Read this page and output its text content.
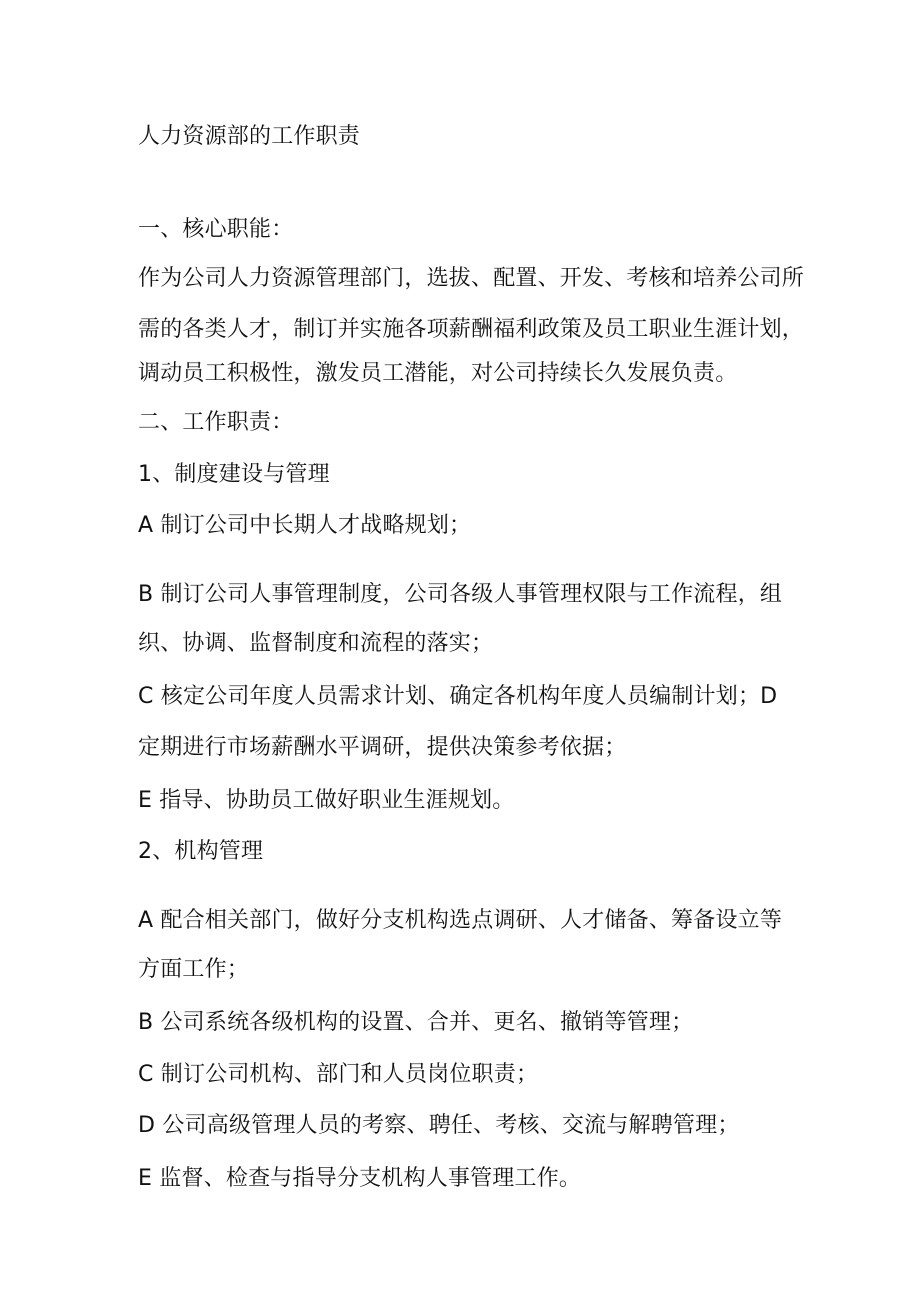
人力资源部的工作职责
一、核心职能：
作为公司人力资源管理部门，选拔、配置、开发、考核和培养公司所
需的各类人才，制订并实施各项薪酬福利政策及员工职业生涯计划，
调动员工积极性，激发员工潜能，对公司持续长久发展负责。
二、工作职责：
1、制度建设与管理
A 制订公司中长期人才战略规划；
B 制订公司人事管理制度，公司各级人事管理权限与工作流程，组
织、协调、监督制度和流程的落实；
C 核定公司年度人员需求计划、确定各机构年度人员编制计划；D
定期进行市场薪酬水平调研，提供决策参考依据；
E 指导、协助员工做好职业生涯规划。
2、机构管理
A 配合相关部门，做好分支机构选点调研、人才储备、筹备设立等
方面工作；
B 公司系统各级机构的设置、合并、更名、撤销等管理；
C 制订公司机构、部门和人员岗位职责；
D 公司高级管理人员的考察、聘任、考核、交流与解聘管理；
E 监督、检查与指导分支机构人事管理工作。
